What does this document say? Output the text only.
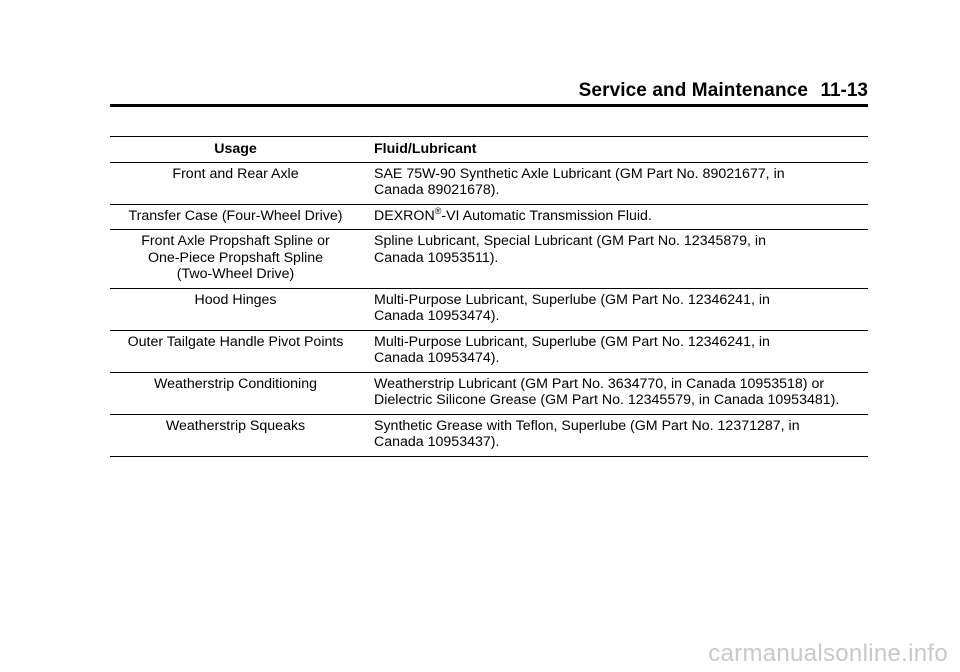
Service and Maintenance 11-13
Usage	Fluid/Lubricant

Front and Rear Axle	SAE 75W-90 Synthetic Axle Lubricant (GM Part No. 89021677, in
Canada 89021678).

Transfer Case (Four-Wheel Drive)	DEXRON®-VI Automatic Transmission Fluid.

Front Axle Propshaft Spline or
One-Piece Propshaft Spline
(Two-Wheel Drive)	Spline Lubricant, Special Lubricant (GM Part No. 12345879, in
Canada 10953511).

Hood Hinges	Multi-Purpose Lubricant, Superlube (GM Part No. 12346241, in
Canada 10953474).

Outer Tailgate Handle Pivot Points	Multi-Purpose Lubricant, Superlube (GM Part No. 12346241, in
Canada 10953474).

Weatherstrip Conditioning	Weatherstrip Lubricant (GM Part No. 3634770, in Canada 10953518) or
Dielectric Silicone Grease (GM Part No. 12345579, in Canada 10953481).

Weatherstrip Squeaks	Synthetic Grease with Teflon, Superlube (GM Part No. 12371287, in
Canada 10953437).
carmanualsonline.info
